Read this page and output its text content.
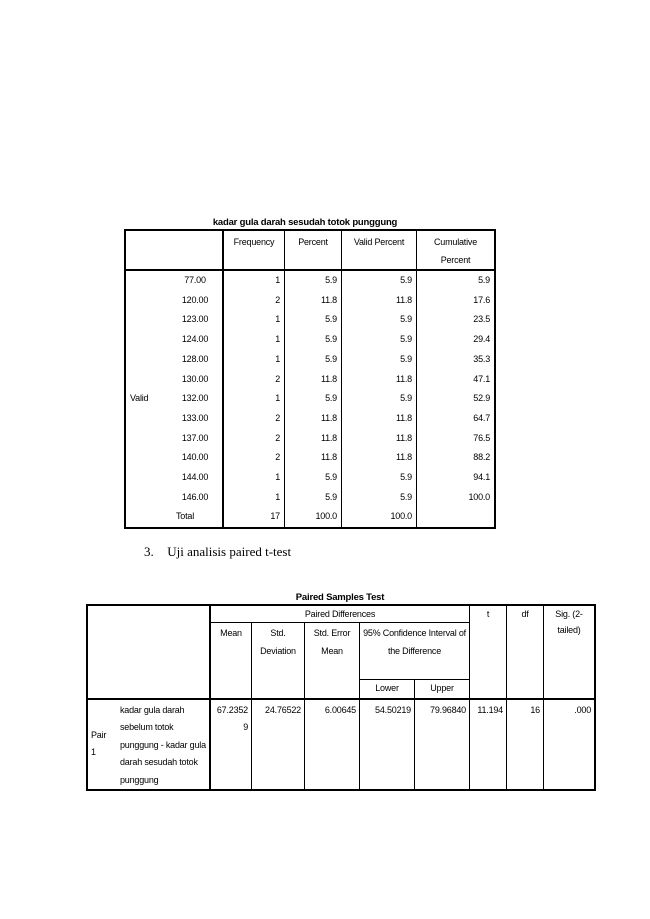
kadar gula darah sesudah totok punggung
		Frequency	Percent	Valid Percent	Cumulative Percent
Valid	77.00	1	5.9	5.9	5.9
	120.00	2	11.8	11.8	17.6
	123.00	1	5.9	5.9	23.5
	124.00	1	5.9	5.9	29.4
	128.00	1	5.9	5.9	35.3
	130.00	2	11.8	11.8	47.1
	132.00	1	5.9	5.9	52.9
	133.00	2	11.8	11.8	64.7
	137.00	2	11.8	11.8	76.5
	140.00	2	11.8	11.8	88.2
	144.00	1	5.9	5.9	94.1
	146.00	1	5.9	5.9	100.0
	Total	17	100.0	100.0	
3. Uji analisis paired t-test
Paired Samples Test
		Paired Differences					t	df	Sig. (2-tailed)
		Mean	Std. Deviation	Std. Error Mean	95% Confidence Interval of the Difference				
					Lower	Upper			
Pair 1	kadar gula darah sebelum totok punggung - kadar gula darah sesudah totok punggung	67.23529	24.76522	6.00645	54.50219	79.96840	11.194	16	.000
